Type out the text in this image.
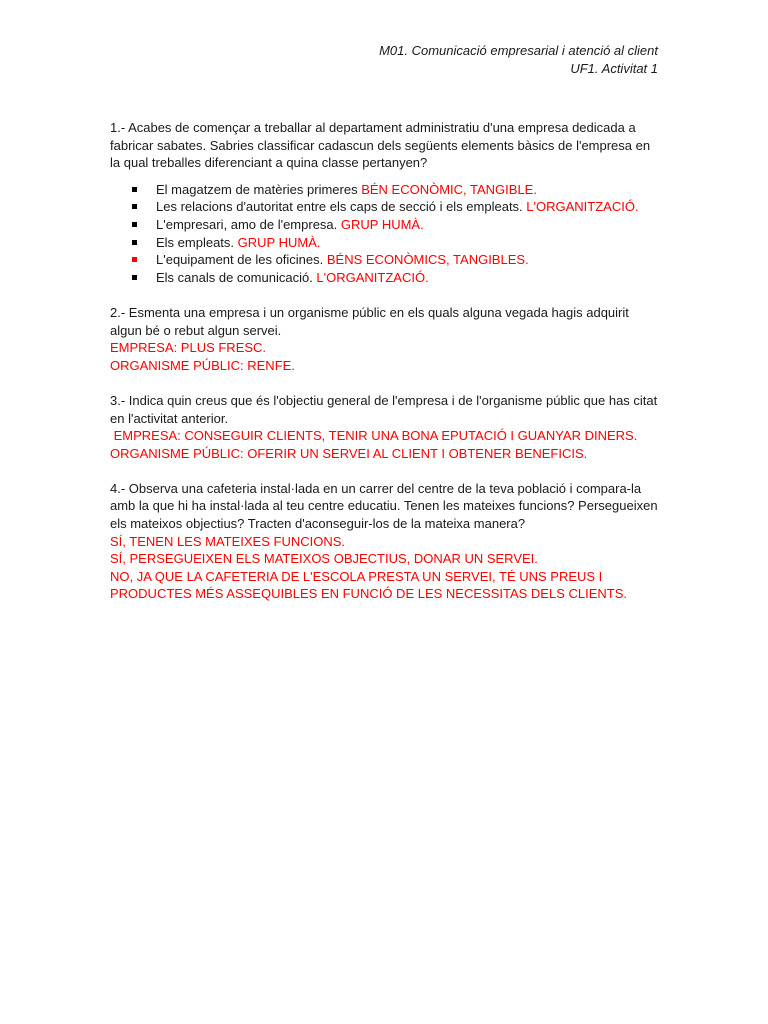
M01. Comunicació empresarial i atenció al client
UF1. Activitat 1

1.- Acabes de començar a treballar al departament administratiu d'una empresa dedicada a fabricar sabates. Sabries classificar cadascun dels següents elements bàsics de l'empresa en la qual treballes diferenciant a quina classe pertanyen?

El magatzem de matèries primeres BÉN ECONÒMIC, TANGIBLE.
Les relacions d'autoritat entre els caps de secció i els empleats. L'ORGANITZACIÓ.
L'empresari, amo de l'empresa. GRUP HUMÀ.
Els empleats. GRUP HUMÀ.
L'equipament de les oficines. BÉNS ECONÒMICS, TANGIBLES.
Els canals de comunicació. L'ORGANITZACIÓ.

2.- Esmenta una empresa i un organisme públic en els quals alguna vegada hagis adquirit algun bé o rebut algun servei.

EMPRESA: PLUS FRESC.

ORGANISME PÚBLIC: RENFE.

3.- Indica quin creus que és l'objectiu general de l'empresa i de l'organisme públic que has citat en l'activitat anterior.

EMPRESA: CONSEGUIR CLIENTS, TENIR UNA BONA EPUTACIÓ I GUANYAR DINERS.

ORGANISME PÚBLIC: OFERIR UN SERVEI AL CLIENT I OBTENER BENEFICIS.

4.- Observa una cafeteria instal·lada en un carrer del centre de la teva població i compara-la amb la que hi ha instal·lada al teu centre educatiu. Tenen les mateixes funcions? Persegueixen els mateixos objectius? Tracten d'aconseguir-los de la mateixa manera?

SÍ, TENEN LES MATEIXES FUNCIONS.

SÍ, PERSEGUEIXEN ELS MATEIXOS OBJECTIUS, DONAR UN SERVEI.

NO, JA QUE LA CAFETERIA DE L'ESCOLA PRESTA UN SERVEI, TÉ UNS PREUS I PRODUCTES MÉS ASSEQUIBLES EN FUNCIÓ DE LES NECESSITAS DELS CLIENTS.
